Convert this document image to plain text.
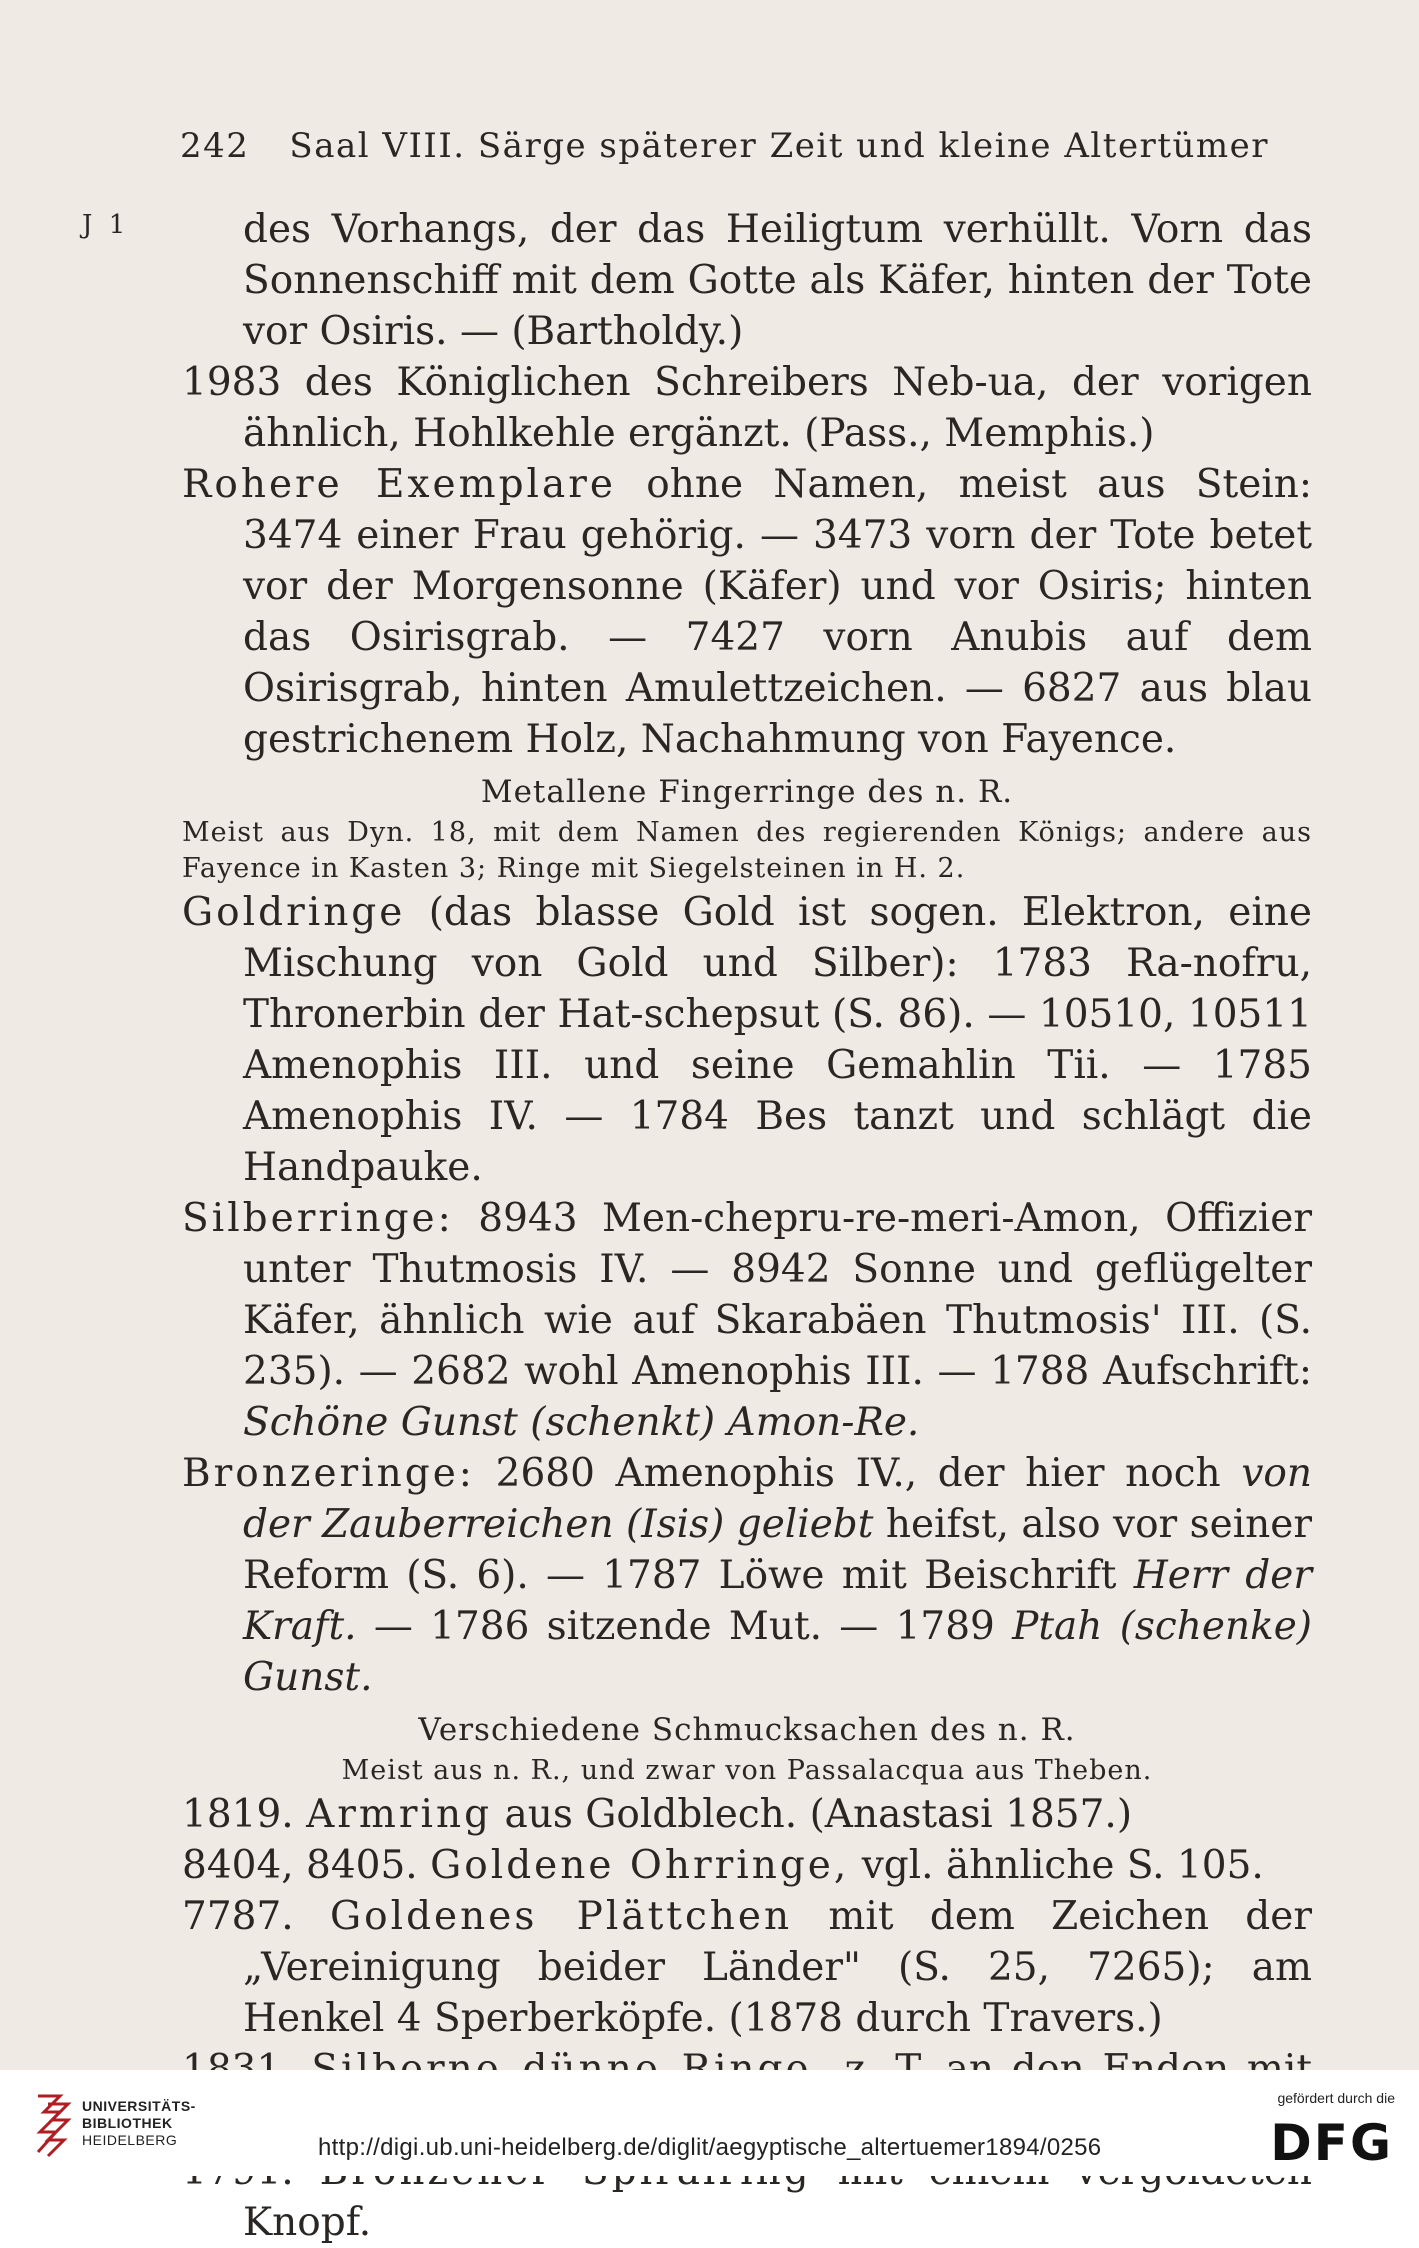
242 Saal VIII. Särge späterer Zeit und kleine Altertümer
J 1	des Vorhangs, der das Heiligtum verhüllt. Vorn das Sonnenschiff mit dem Gotte als Käfer, hinten der Tote vor Osiris. — (Bartholdy.)

1983 des Königlichen Schreibers Neb-ua, der vorigen ähnlich, Hohlkehle ergänzt. (Pass., Memphis.)

Rohere Exemplare ohne Namen, meist aus Stein: 3474 einer Frau gehörig. — 3473 vorn der Tote betet vor der Morgensonne (Käfer) und vor Osiris; hinten das Osirisgrab. — 7427 vorn Anubis auf dem Osirisgrab, hinten Amulettzeichen. — 6827 aus blau gestrichenem Holz, Nachahmung von Fayence.

Metallene Fingerringe des n. R.

Meist aus Dyn. 18, mit dem Namen des regierenden Königs; andere aus Fayence in Kasten 3; Ringe mit Siegelsteinen in H. 2.

Goldringe (das blasse Gold ist sogen. Elektron, eine Mischung von Gold und Silber): 1783 Ra-nofru, Thronerbin der Hat-schepsut (S. 86). — 10510, 10511 Amenophis III. und seine Gemahlin Tii. — 1785 Amenophis IV. — 1784 Bes tanzt und schlägt die Handpauke.

Silberringe: 8943 Men-chepru-re-meri-Amon, Offizier unter Thutmosis IV. — 8942 Sonne und geflügelter Käfer, ähnlich wie auf Skarabäen Thutmosis' III. (S. 235). — 2682 wohl Amenophis III. — 1788 Aufschrift: Schöne Gunst (schenkt) Amon-Re.

Bronzeringe: 2680 Amenophis IV., der hier noch von der Zauberreichen (Isis) geliebt heifst, also vor seiner Reform (S. 6). — 1787 Löwe mit Beischrift Herr der Kraft. — 1786 sitzende Mut. — 1789 Ptah (schenke) Gunst.

Verschiedene Schmucksachen des n. R.

Meist aus n. R., und zwar von Passalacqua aus Theben.

1819. Armring aus Goldblech. (Anastasi 1857.)

8404, 8405. Goldene Ohrringe, vgl. ähnliche S. 105.

7787. Goldenes Plättchen mit dem Zeichen der „Vereinigung beider Länder" (S. 25, 7265); am Henkel 4 Sperberköpfe. (1878 durch Travers.)

Knopf.

UNIVERSITÄTS-
BIBLIOTHEK
HEIDELBERG	http://digi.ub.uni-heidelberg.de/diglit/aegyptische_altertuemer1894/0256
gefördert durch die
DFG
